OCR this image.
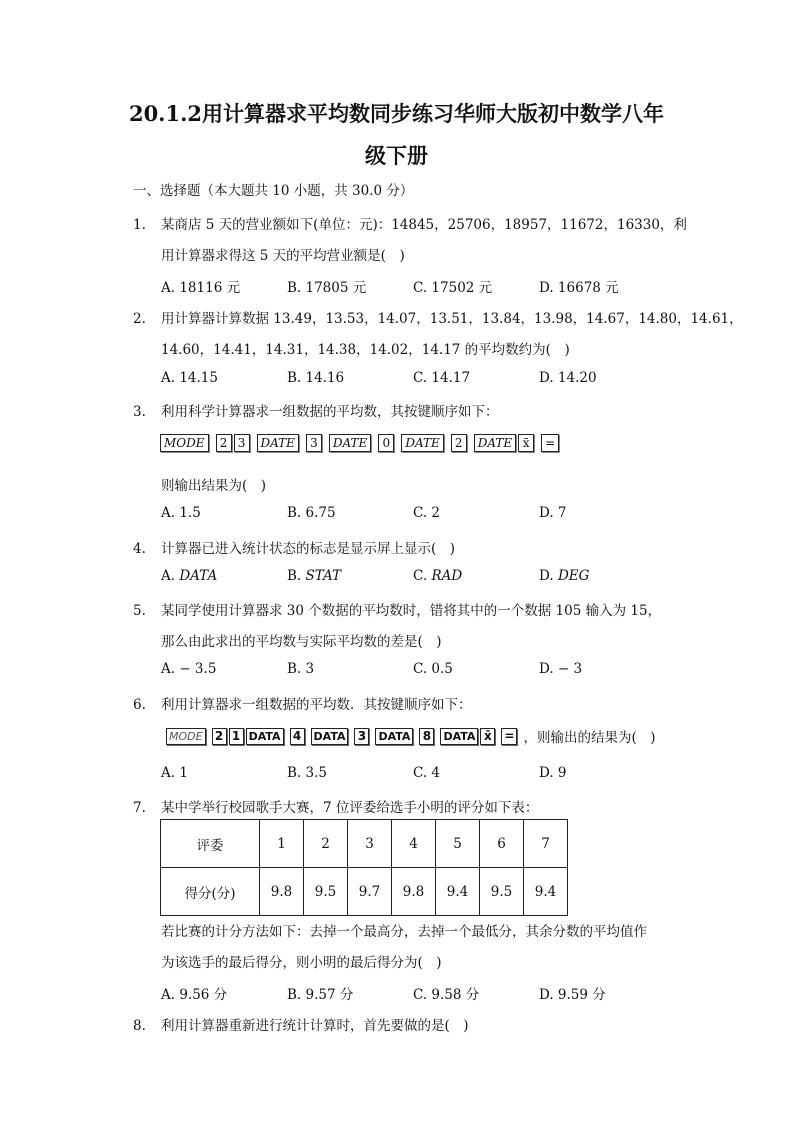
20.1.2用计算器求平均数同步练习华师大版初中数学八年
级下册
一、选择题（本大题共 10 小题，共 30.0 分）
1. 某商店 5 天的营业额如下(单位：元)：14845，25706，18957，11672，16330，利
用计算器求得这 5 天的平均营业额是(　)
A. 18116 元	B. 17805 元	C. 17502 元	D. 16678 元
2. 用计算器计算数据 13.49，13.53，14.07，13.51，13.84，13.98，14.67，14.80，14.61，
14.60，14.41，14.31，14.38，14.02，14.17 的平均数约为(　)
A. 14.15	B. 14.16	C. 14.17	D. 14.20
3. 利用科学计算器求一组数据的平均数，其按键顺序如下：
MODE	2 3	DATE	3	DATE	0	DATE	2	DATE x̄	=
则输出结果为(　)
A. 1.5	B. 6.75	C. 2	D. 7
4. 计算器已进入统计状态的标志是显示屏上显示(　)
A. DATA	B. STAT	C. RAD	D. DEG
5. 某同学使用计算器求 30 个数据的平均数时，错将其中的一个数据 105 输入为 15，
那么由此求出的平均数与实际平均数的差是(　)
A. − 3.5	B. 3	C. 0.5	D. − 3
6. 利用计算器求一组数据的平均数．其按键顺序如下：
MODE 2 1 DATA 4	DATA 3	DATA 8	DATA x̄	= ，则输出的结果为(　)
A. 1	B. 3.5	C. 4	D. 9
7. 某中学举行校园歌手大赛，7 位评委给选手小明的评分如下表：
评委	1	2	3	4	5	6	7
得分(分)	9.8	9.5	9.7	9.8	9.4	9.5	9.4
若比赛的计分方法如下：去掉一个最高分，去掉一个最低分，其余分数的平均值作
为该选手的最后得分，则小明的最后得分为(　)
A. 9.56 分	B. 9.57 分	C. 9.58 分	D. 9.59 分
8. 利用计算器重新进行统计计算时，首先要做的是(　)
